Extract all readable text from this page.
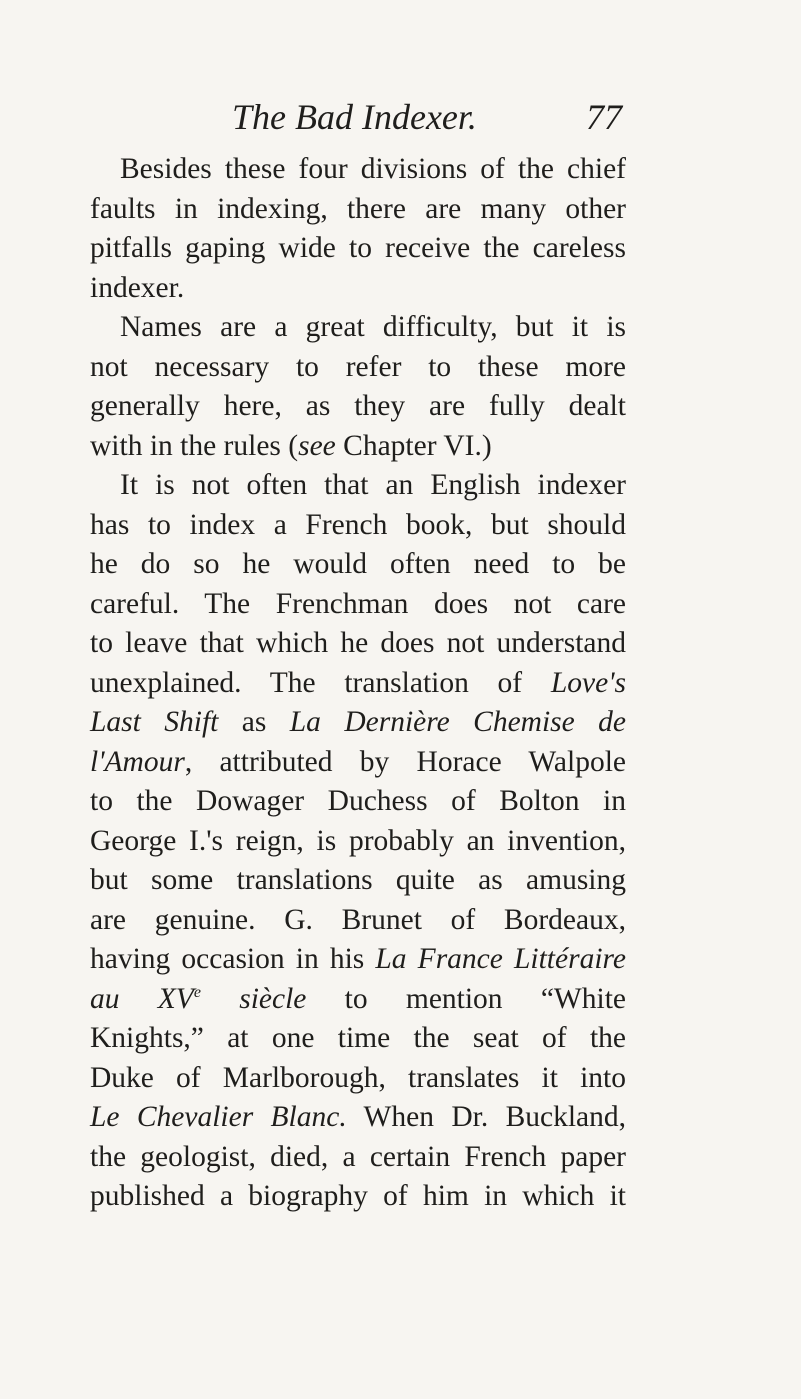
The Bad Indexer.	77
Besides these four divisions of the chief
faults in indexing, there are many other
pitfalls gaping wide to receive the careless
indexer.
Names are a great difficulty, but it is
not necessary to refer to these more
generally here, as they are fully dealt
with in the rules (see Chapter VI.)
It is not often that an English indexer
has to index a French book, but should
he do so he would often need to be
careful. The Frenchman does not care
to leave that which he does not understand
unexplained. The translation of Love's
Last Shift as La Dernière Chemise de
l'Amour, attributed by Horace Walpole
to the Dowager Duchess of Bolton in
George I.'s reign, is probably an invention,
but some translations quite as amusing
are genuine. G. Brunet of Bordeaux,
having occasion in his La France Littéraire
au XVe siècle to mention “White
Knights,” at one time the seat of the
Duke of Marlborough, translates it into
Le Chevalier Blanc. When Dr. Buckland,
the geologist, died, a certain French paper
published a biography of him in which it
